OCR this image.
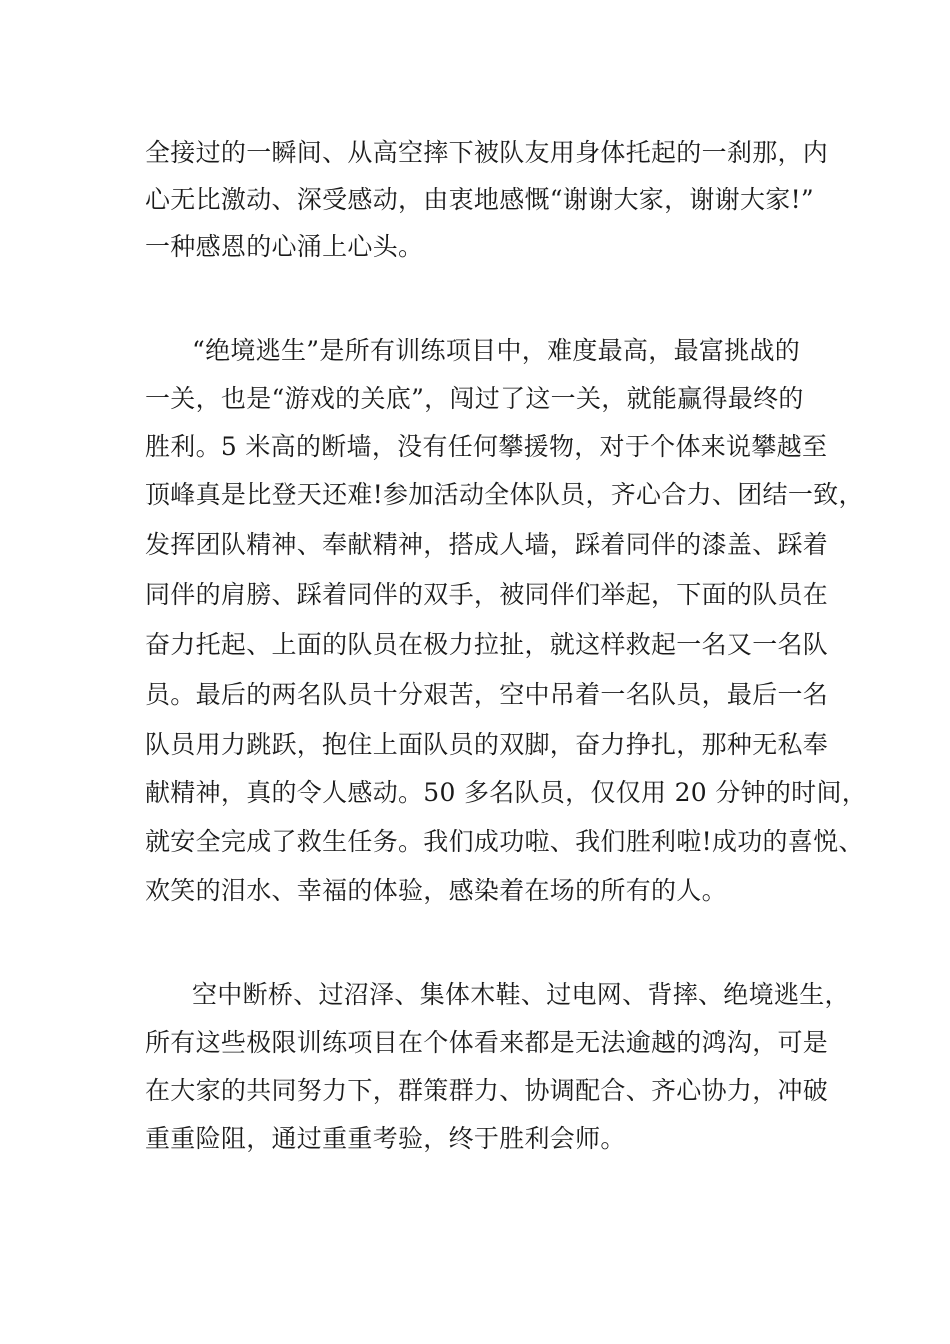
全接过的一瞬间、从高空摔下被队友用身体托起的一刹那，内
心无比激动、深受感动，由衷地感慨“谢谢大家，谢谢大家!”
一种感恩的心涌上心头。
“绝境逃生”是所有训练项目中，难度最高，最富挑战的
一关，也是“游戏的关底”，闯过了这一关，就能赢得最终的
胜利。5 米高的断墙，没有任何攀援物，对于个体来说攀越至
顶峰真是比登天还难!参加活动全体队员，齐心合力、团结一致，
发挥团队精神、奉献精神，搭成人墙，踩着同伴的漆盖、踩着
同伴的肩膀、踩着同伴的双手，被同伴们举起，下面的队员在
奋力托起、上面的队员在极力拉扯，就这样救起一名又一名队
员。最后的两名队员十分艰苦，空中吊着一名队员，最后一名
队员用力跳跃，抱住上面队员的双脚，奋力挣扎，那种无私奉
献精神，真的令人感动。50 多名队员，仅仅用 20 分钟的时间，
就安全完成了救生任务。我们成功啦、我们胜利啦!成功的喜悦、
欢笑的泪水、幸福的体验，感染着在场的所有的人。
空中断桥、过沼泽、集体木鞋、过电网、背摔、绝境逃生，
所有这些极限训练项目在个体看来都是无法逾越的鸿沟，可是
在大家的共同努力下，群策群力、协调配合、齐心协力，冲破
重重险阻，通过重重考验，终于胜利会师。
